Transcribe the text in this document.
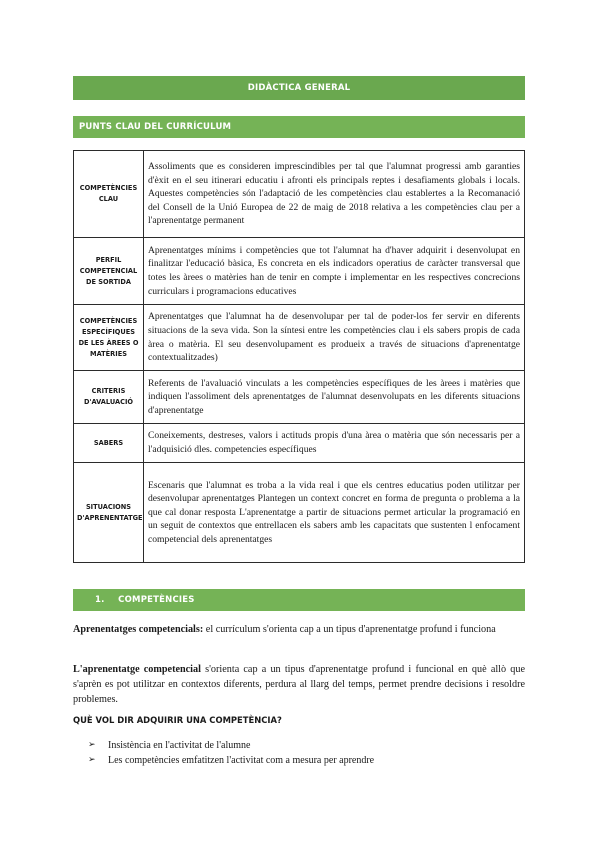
DIDÀCTICA GENERAL
PUNTS CLAU DEL CURRÍCULUM
COMPETÈNCIES CLAU	Assoliments que es consideren imprescindibles per tal que l'alumnat progressi amb garanties d'èxit en el seu itinerari educatiu i afronti els principals reptes i desafiaments globals i locals. Aquestes competències són l'adaptació de les competències clau establertes a la Recomanació del Consell de la Unió Europea de 22 de maig de 2018 relativa a les competències clau per a l'aprenentatge permanent
PERFIL COMPETENCIAL DE SORTIDA	Aprenentatges mínims i competències que tot l'alumnat ha d'haver adquirit i desenvolupat en finalitzar l'educació bàsica, Es concreta en els indicadors operatius de caràcter transversal que totes les àrees o matèries han de tenir en compte i implementar en les respectives concrecions curriculars i programacions educatives
COMPETÈNCIES ESPECÍFIQUES DE LES ÀREES O MATÈRIES	Aprenentatges que l'alumnat ha de desenvolupar per tal de poder-los fer servir en diferents situacions de la seva vida. Son la síntesi entre les competències clau i els sabers propis de cada àrea o matèria. El seu desenvolupament es produeix a través de situacions d'aprenentatge contextualitzades)
CRITERIS D'AVALUACIÓ	Referents de l'avaluació vinculats a les competències específiques de les àrees i matèries que indiquen l'assoliment dels aprenentatges de l'alumnat desenvolupats en les diferents situacions d'aprenentatge
SABERS	Coneixements, destreses, valors i actituds propis d'una àrea o matèria que són necessaris per a l'adquisició dles. competencies específiques
SITUACIONS D'APRENENTATGE	Escenaris que l'alumnat es troba a la vida real i que els centres educatius poden utilitzar per desenvolupar aprenentatges Plantegen un context concret en forma de pregunta o problema a la que cal donar resposta L'aprenentatge a partir de situacions permet articular la programació en un seguit de contextos que entrellacen els sabers amb les capacitats que sustenten l enfocament competencial dels aprenentatges
1. COMPETÈNCIES

Aprenentatges competencials: el currículum s'orienta cap a un tipus d'aprenentatge profund i funciona

L'aprenentatge competencial s'orienta cap a un tipus d'aprenentatge profund i funcional en què allò que s'aprèn es pot utilitzar en contextos diferents, perdura al llarg del temps, permet prendre decisions i resoldre problemes.

QUÈ VOL DIR ADQUIRIR UNA COMPETÈNCIA?
➢	Insistència en l'activitat de l'alumne
➢	Les competències emfatitzen l'activitat com a mesura per aprendre
